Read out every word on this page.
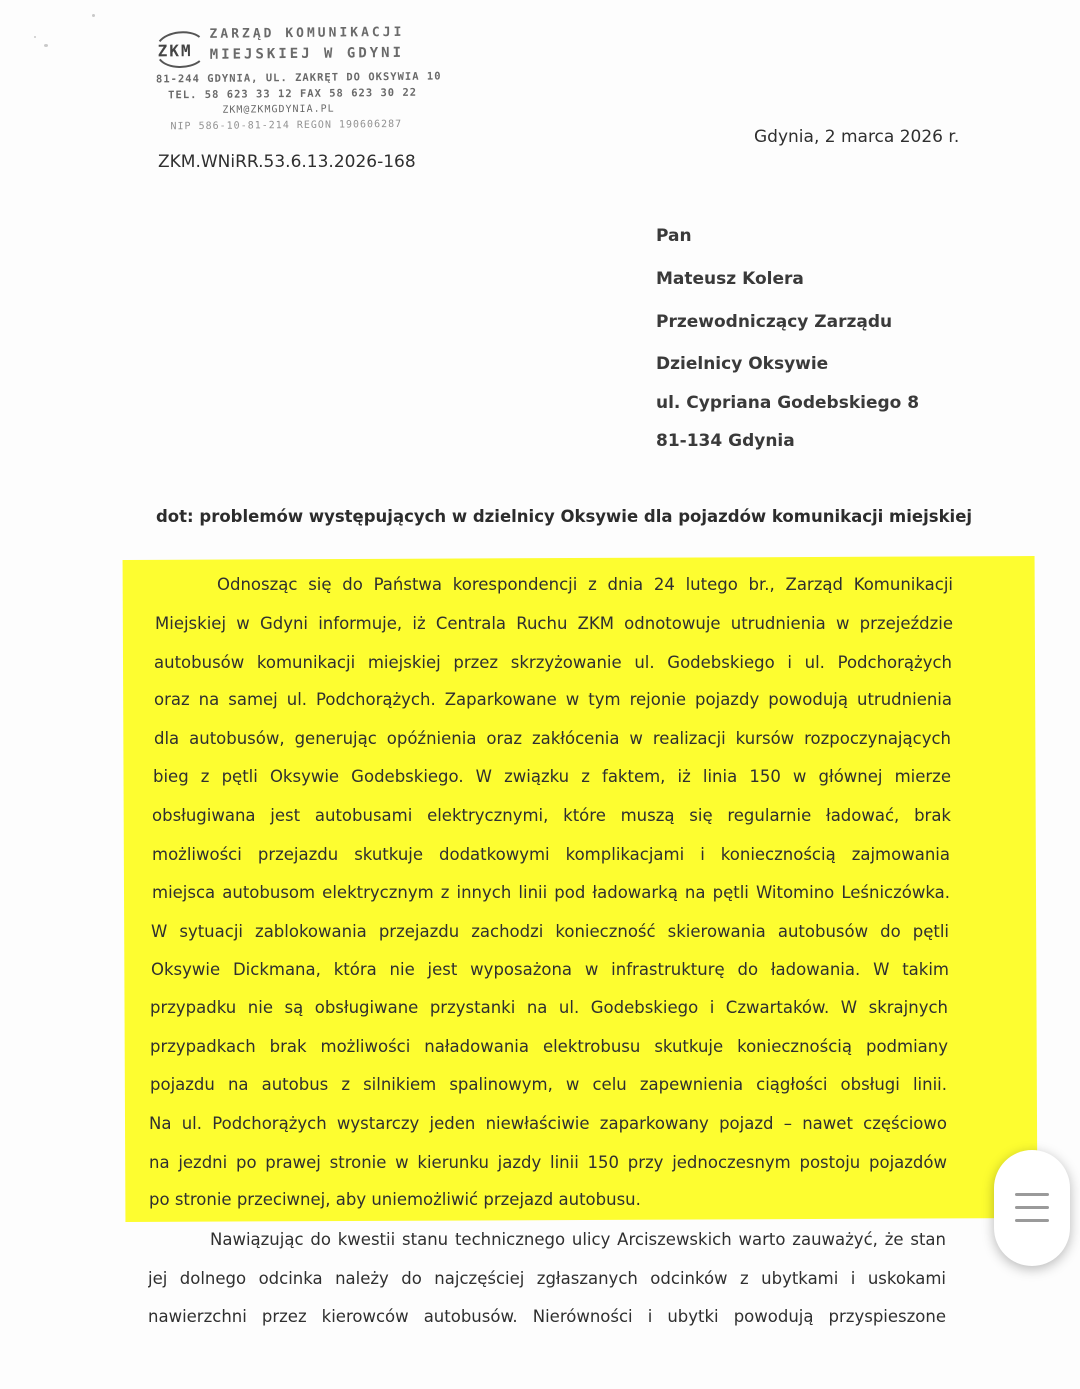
ZKM
ZARZĄD KOMUNIKACJI
MIEJSKIEJ W GDYNI
81-244 GDYNIA, UL. ZAKRĘT DO OKSYWIA 10
TEL. 58 623 33 12 FAX 58 623 30 22
ZKM@ZKMGDYNIA.PL
NIP 586-10-81-214 REGON 190606287
ZKM.WNiRR.53.6.13.2026-168
Gdynia, 2 marca 2026 r.
Pan
Mateusz Kolera
Przewodniczący Zarządu
Dzielnicy Oksywie
ul. Cypriana Godebskiego 8
81-134 Gdynia
dot: problemów występujących w dzielnicy Oksywie dla pojazdów komunikacji miejskiej
Odnosząc się do Państwa korespondencji z dnia 24 lutego br., Zarząd Komunikacji
Miejskiej w Gdyni informuje, iż Centrala Ruchu ZKM odnotowuje utrudnienia w przejeździe
autobusów komunikacji miejskiej przez skrzyżowanie ul. Godebskiego i ul. Podchorążych
oraz na samej ul. Podchorążych. Zaparkowane w tym rejonie pojazdy powodują utrudnienia
dla autobusów, generując opóźnienia oraz zakłócenia w realizacji kursów rozpoczynających
bieg z pętli Oksywie Godebskiego. W związku z faktem, iż linia 150 w głównej mierze
obsługiwana jest autobusami elektrycznymi, które muszą się regularnie ładować, brak
możliwości przejazdu skutkuje dodatkowymi komplikacjami i koniecznością zajmowania
miejsca autobusom elektrycznym z innych linii pod ładowarką na pętli Witomino Leśniczówka.
W sytuacji zablokowania przejazdu zachodzi konieczność skierowania autobusów do pętli
Oksywie Dickmana, która nie jest wyposażona w infrastrukturę do ładowania. W takim
przypadku nie są obsługiwane przystanki na ul. Godebskiego i Czwartaków. W skrajnych
przypadkach brak możliwości naładowania elektrobusu skutkuje koniecznością podmiany
pojazdu na autobus z silnikiem spalinowym, w celu zapewnienia ciągłości obsługi linii.
Na ul. Podchorążych wystarczy jeden niewłaściwie zaparkowany pojazd – nawet częściowo
na jezdni po prawej stronie w kierunku jazdy linii 150 przy jednoczesnym postoju pojazdów
po stronie przeciwnej, aby uniemożliwić przejazd autobusu.
Nawiązując do kwestii stanu technicznego ulicy Arciszewskich warto zauważyć, że stan
jej dolnego odcinka należy do najczęściej zgłaszanych odcinków z ubytkami i uskokami
nawierzchni przez kierowców autobusów. Nierówności i ubytki powodują przyspieszone
